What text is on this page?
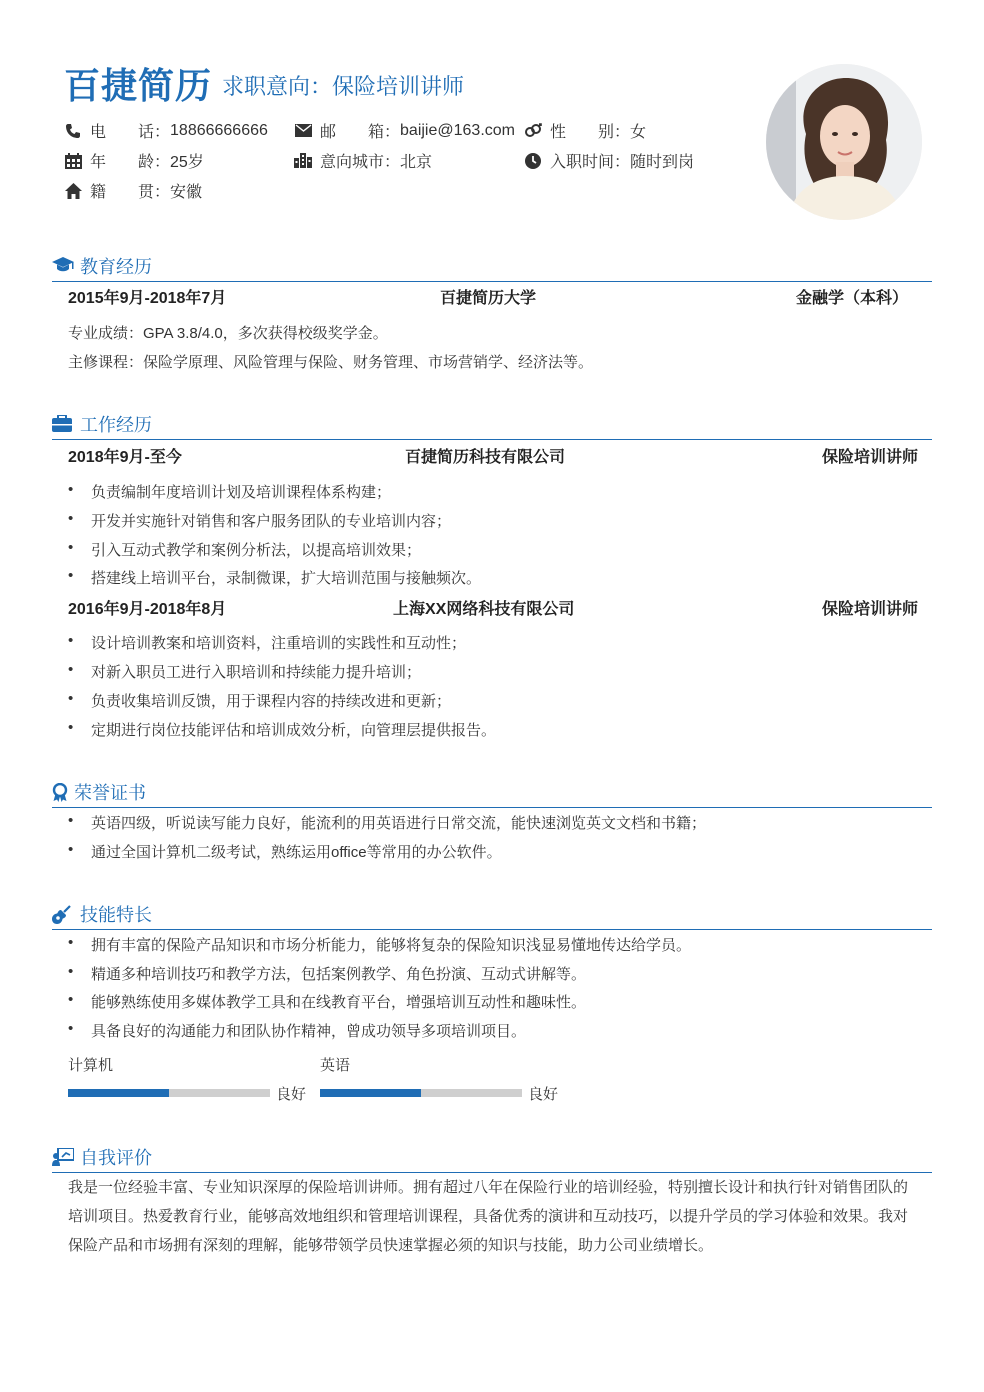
百捷简历 求职意向：保险培训讲师
电　　话： 18866666666	邮　　箱： baijie@163.com 性　　别： 女
年　　龄： 25岁	意向城市： 北京	入职时间： 随时到岗
籍　　贯： 安徽
教育经历
2015年9月-2018年7月	百捷简历大学	金融学（本科）
专业成绩：GPA 3.8/4.0，多次获得校级奖学金。
主修课程：保险学原理、风险管理与保险、财务管理、市场营销学、经济法等。
工作经历
2018年9月-至今	百捷简历科技有限公司	保险培训讲师
• 负责编制年度培训计划及培训课程体系构建；
• 开发并实施针对销售和客户服务团队的专业培训内容；
• 引入互动式教学和案例分析法，以提高培训效果；
• 搭建线上培训平台，录制微课，扩大培训范围与接触频次。
2016年9月-2018年8月	上海XX网络科技有限公司	保险培训讲师
• 设计培训教案和培训资料，注重培训的实践性和互动性；
• 对新入职员工进行入职培训和持续能力提升培训；
• 负责收集培训反馈，用于课程内容的持续改进和更新；
• 定期进行岗位技能评估和培训成效分析，向管理层提供报告。
荣誉证书
• 英语四级，听说读写能力良好，能流利的用英语进行日常交流，能快速浏览英文文档和书籍；
• 通过全国计算机二级考试，熟练运用office等常用的办公软件。
技能特长
• 拥有丰富的保险产品知识和市场分析能力，能够将复杂的保险知识浅显易懂地传达给学员。
• 精通多种培训技巧和教学方法，包括案例教学、角色扮演、互动式讲解等。
• 能够熟练使用多媒体教学工具和在线教育平台，增强培训互动性和趣味性。
• 具备良好的沟通能力和团队协作精神，曾成功领导多项培训项目。
计算机
良好
英语
良好
自我评价
我是一位经验丰富、专业知识深厚的保险培训讲师。拥有超过八年在保险行业的培训经验，特别擅长设计和执行针对销售团队的培训项目。热爱教育行业，能够高效地组织和管理培训课程，具备优秀的演讲和互动技巧，以提升学员的学习体验和效果。我对保险产品和市场拥有深刻的理解，能够带领学员快速掌握必须的知识与技能，助力公司业绩增长。
